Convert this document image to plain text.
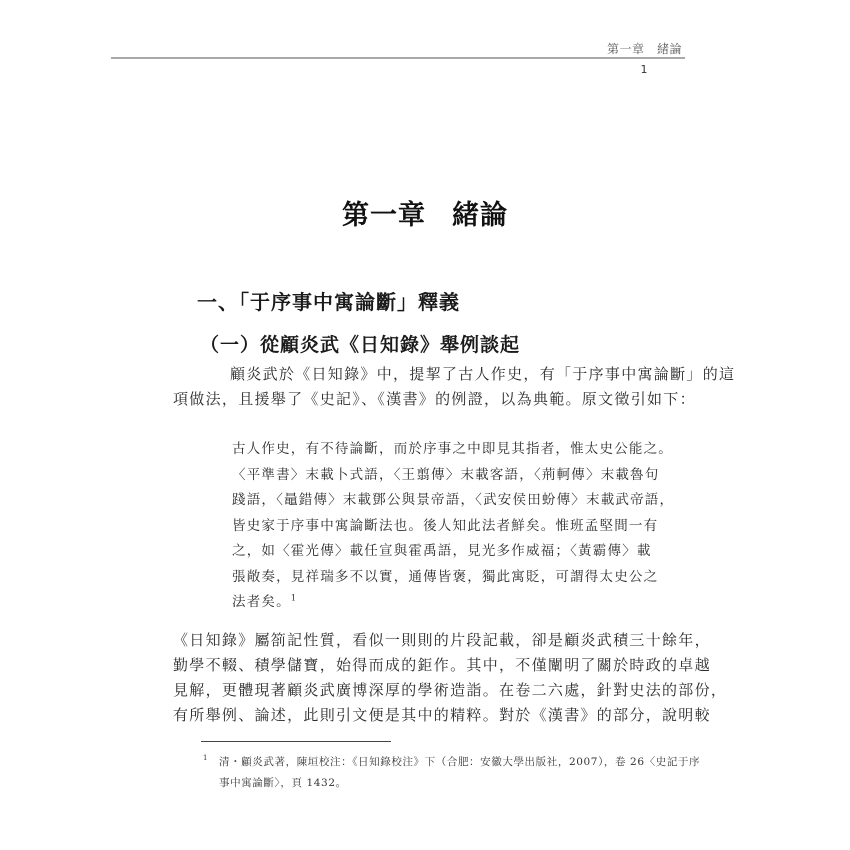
第一章　緒論
1
第一章 緒論
一、「于序事中寓論斷」釋義
（一）從顧炎武《日知錄》舉例談起
顧炎武於《日知錄》中，提挈了古人作史，有「于序事中寓論斷」的這
項做法，且援舉了《史記》、《漢書》的例證，以為典範。原文徵引如下：
古人作史，有不待論斷，而於序事之中即見其指者，惟太史公能之。
〈平準書〉末載卜式語，〈王翦傳〉末載客語，〈荊軻傳〉末載魯句
踐語，〈鼂錯傳〉末載鄧公與景帝語，〈武安侯田蚡傳〉末載武帝語，
皆史家于序事中寓論斷法也。後人知此法者鮮矣。惟班孟堅間一有
之，如〈霍光傳〉載任宣與霍禹語，見光多作威福；〈黃霸傳〉載
張敞奏，見祥瑞多不以實，通傳皆褒，獨此寓貶，可謂得太史公之
法者矣。$^1$
《日知錄》屬箚記性質，看似一則則的片段記載，卻是顧炎武積三十餘年，
勤學不輟、積學儲寶，始得而成的鉅作。其中，不僅闡明了關於時政的卓越
見解，更體現著顧炎武廣博深厚的學術造詣。在卷二六處，針對史法的部份，
有所舉例、論述，此則引文便是其中的精粹。對於《漢書》的部分，說明較
1 清・顧炎武著，陳垣校注：《日知錄校注》下（合肥：安徽大學出版社，2007），卷 26〈史記于序
事中寓論斷〉，頁 1432。
